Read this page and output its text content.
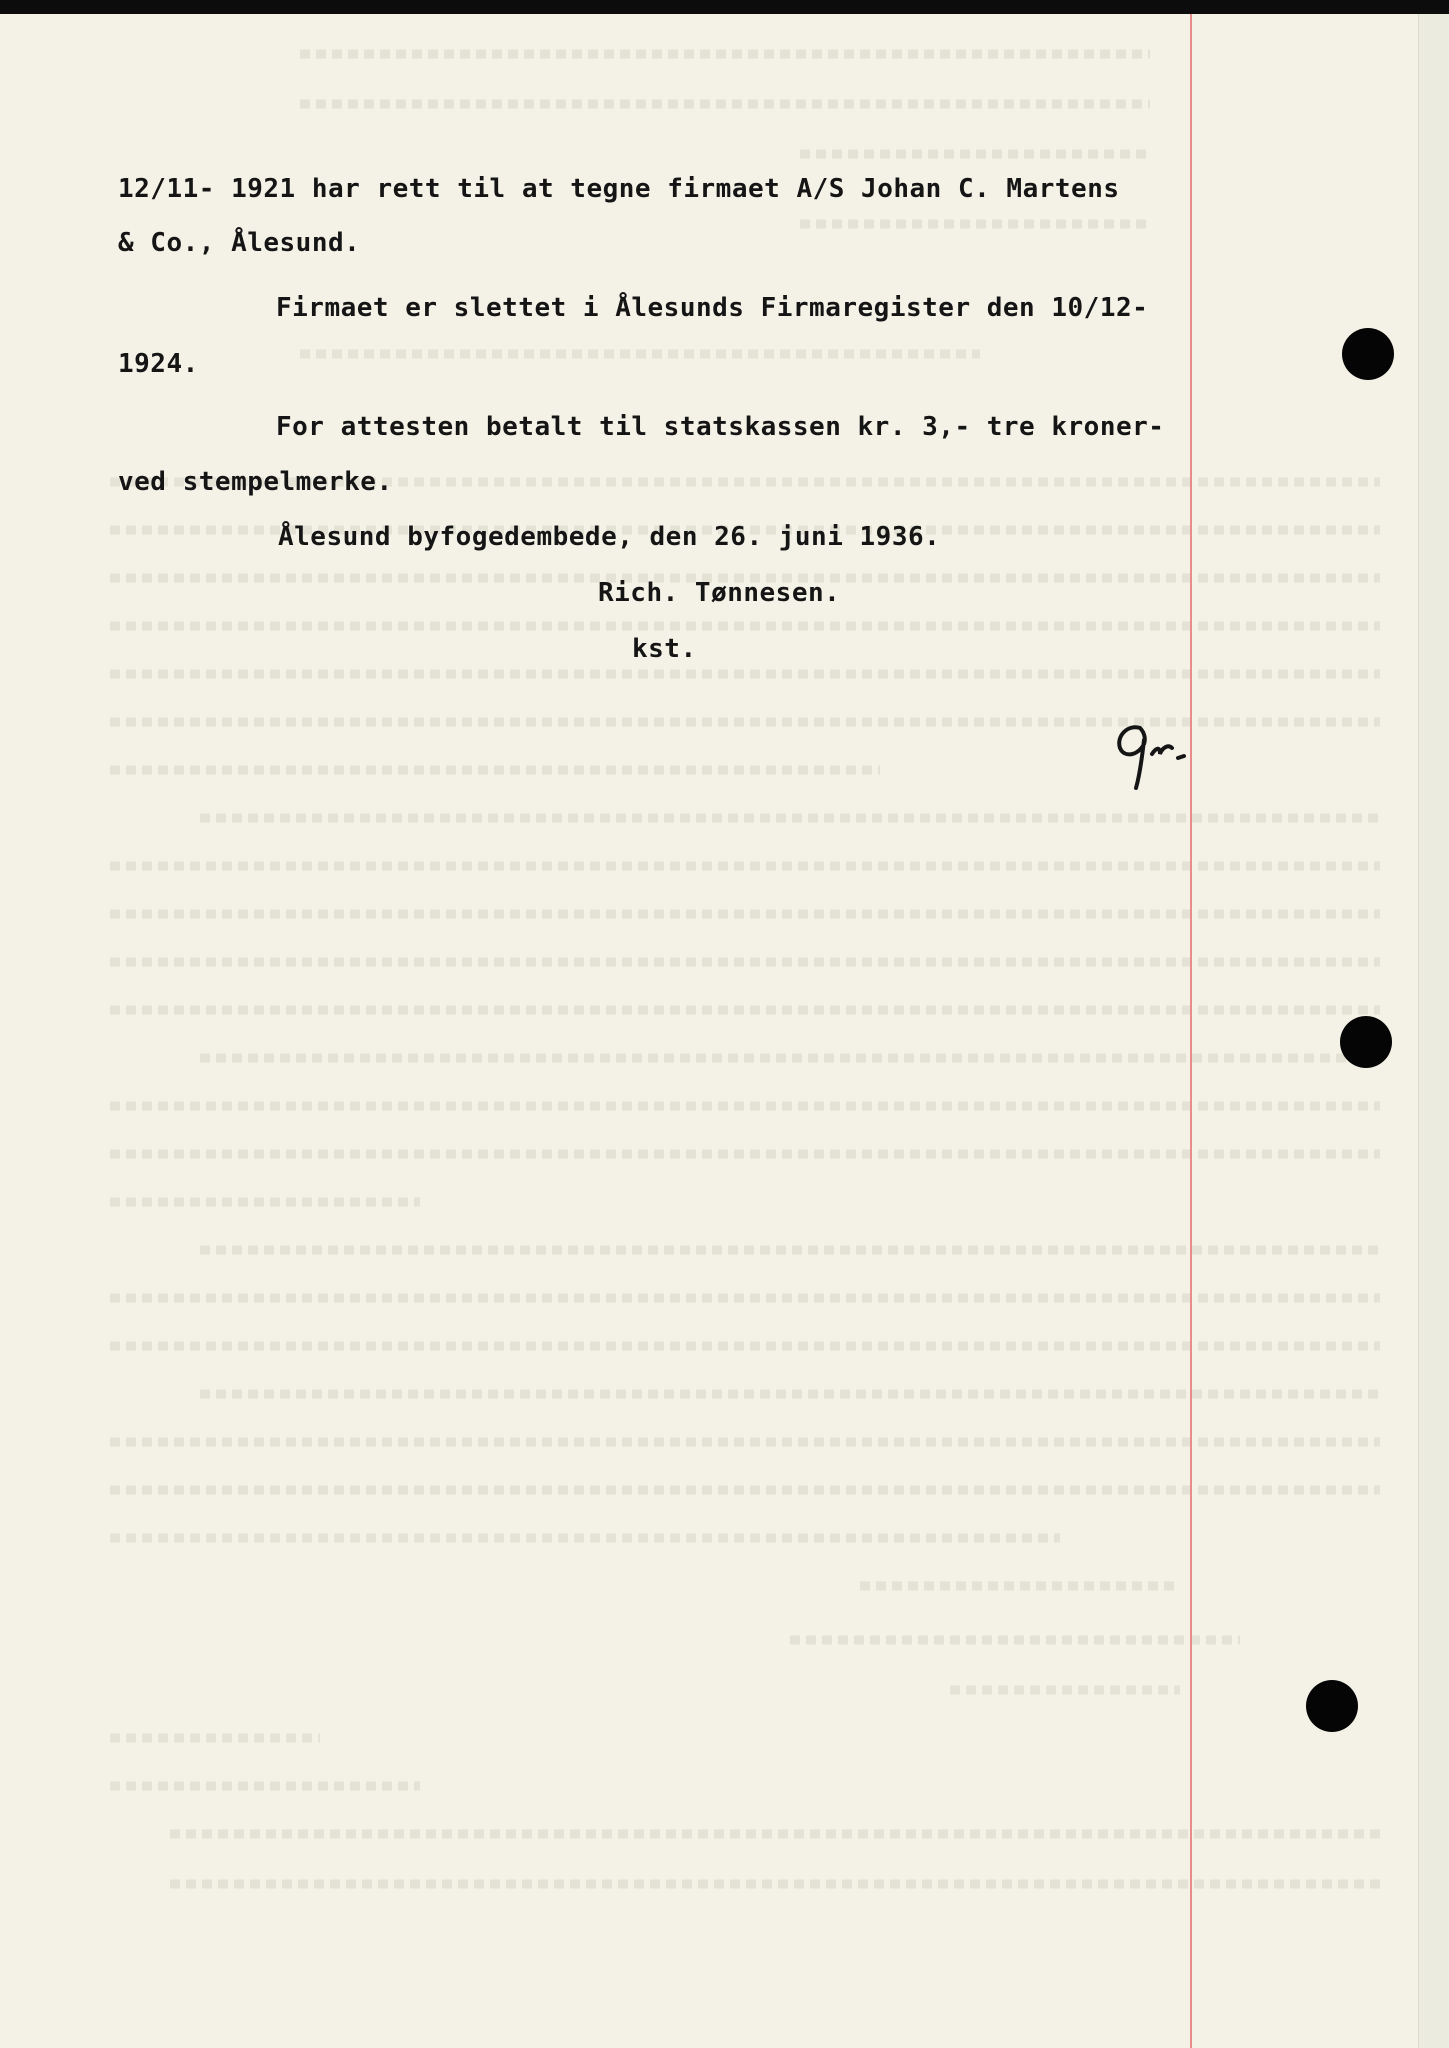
12/11- 1921 har rett til at tegne firmaet A/S Johan C. Martens

& Co., Ålesund.

Firmaet er slettet i Ålesunds Firmaregister den 10/12-

1924.

For attesten betalt til statskassen kr. 3,- tre kroner-

ved stempelmerke.

Ålesund byfogedembede, den 26. juni 1936.

Rich. Tønnesen.

kst.
